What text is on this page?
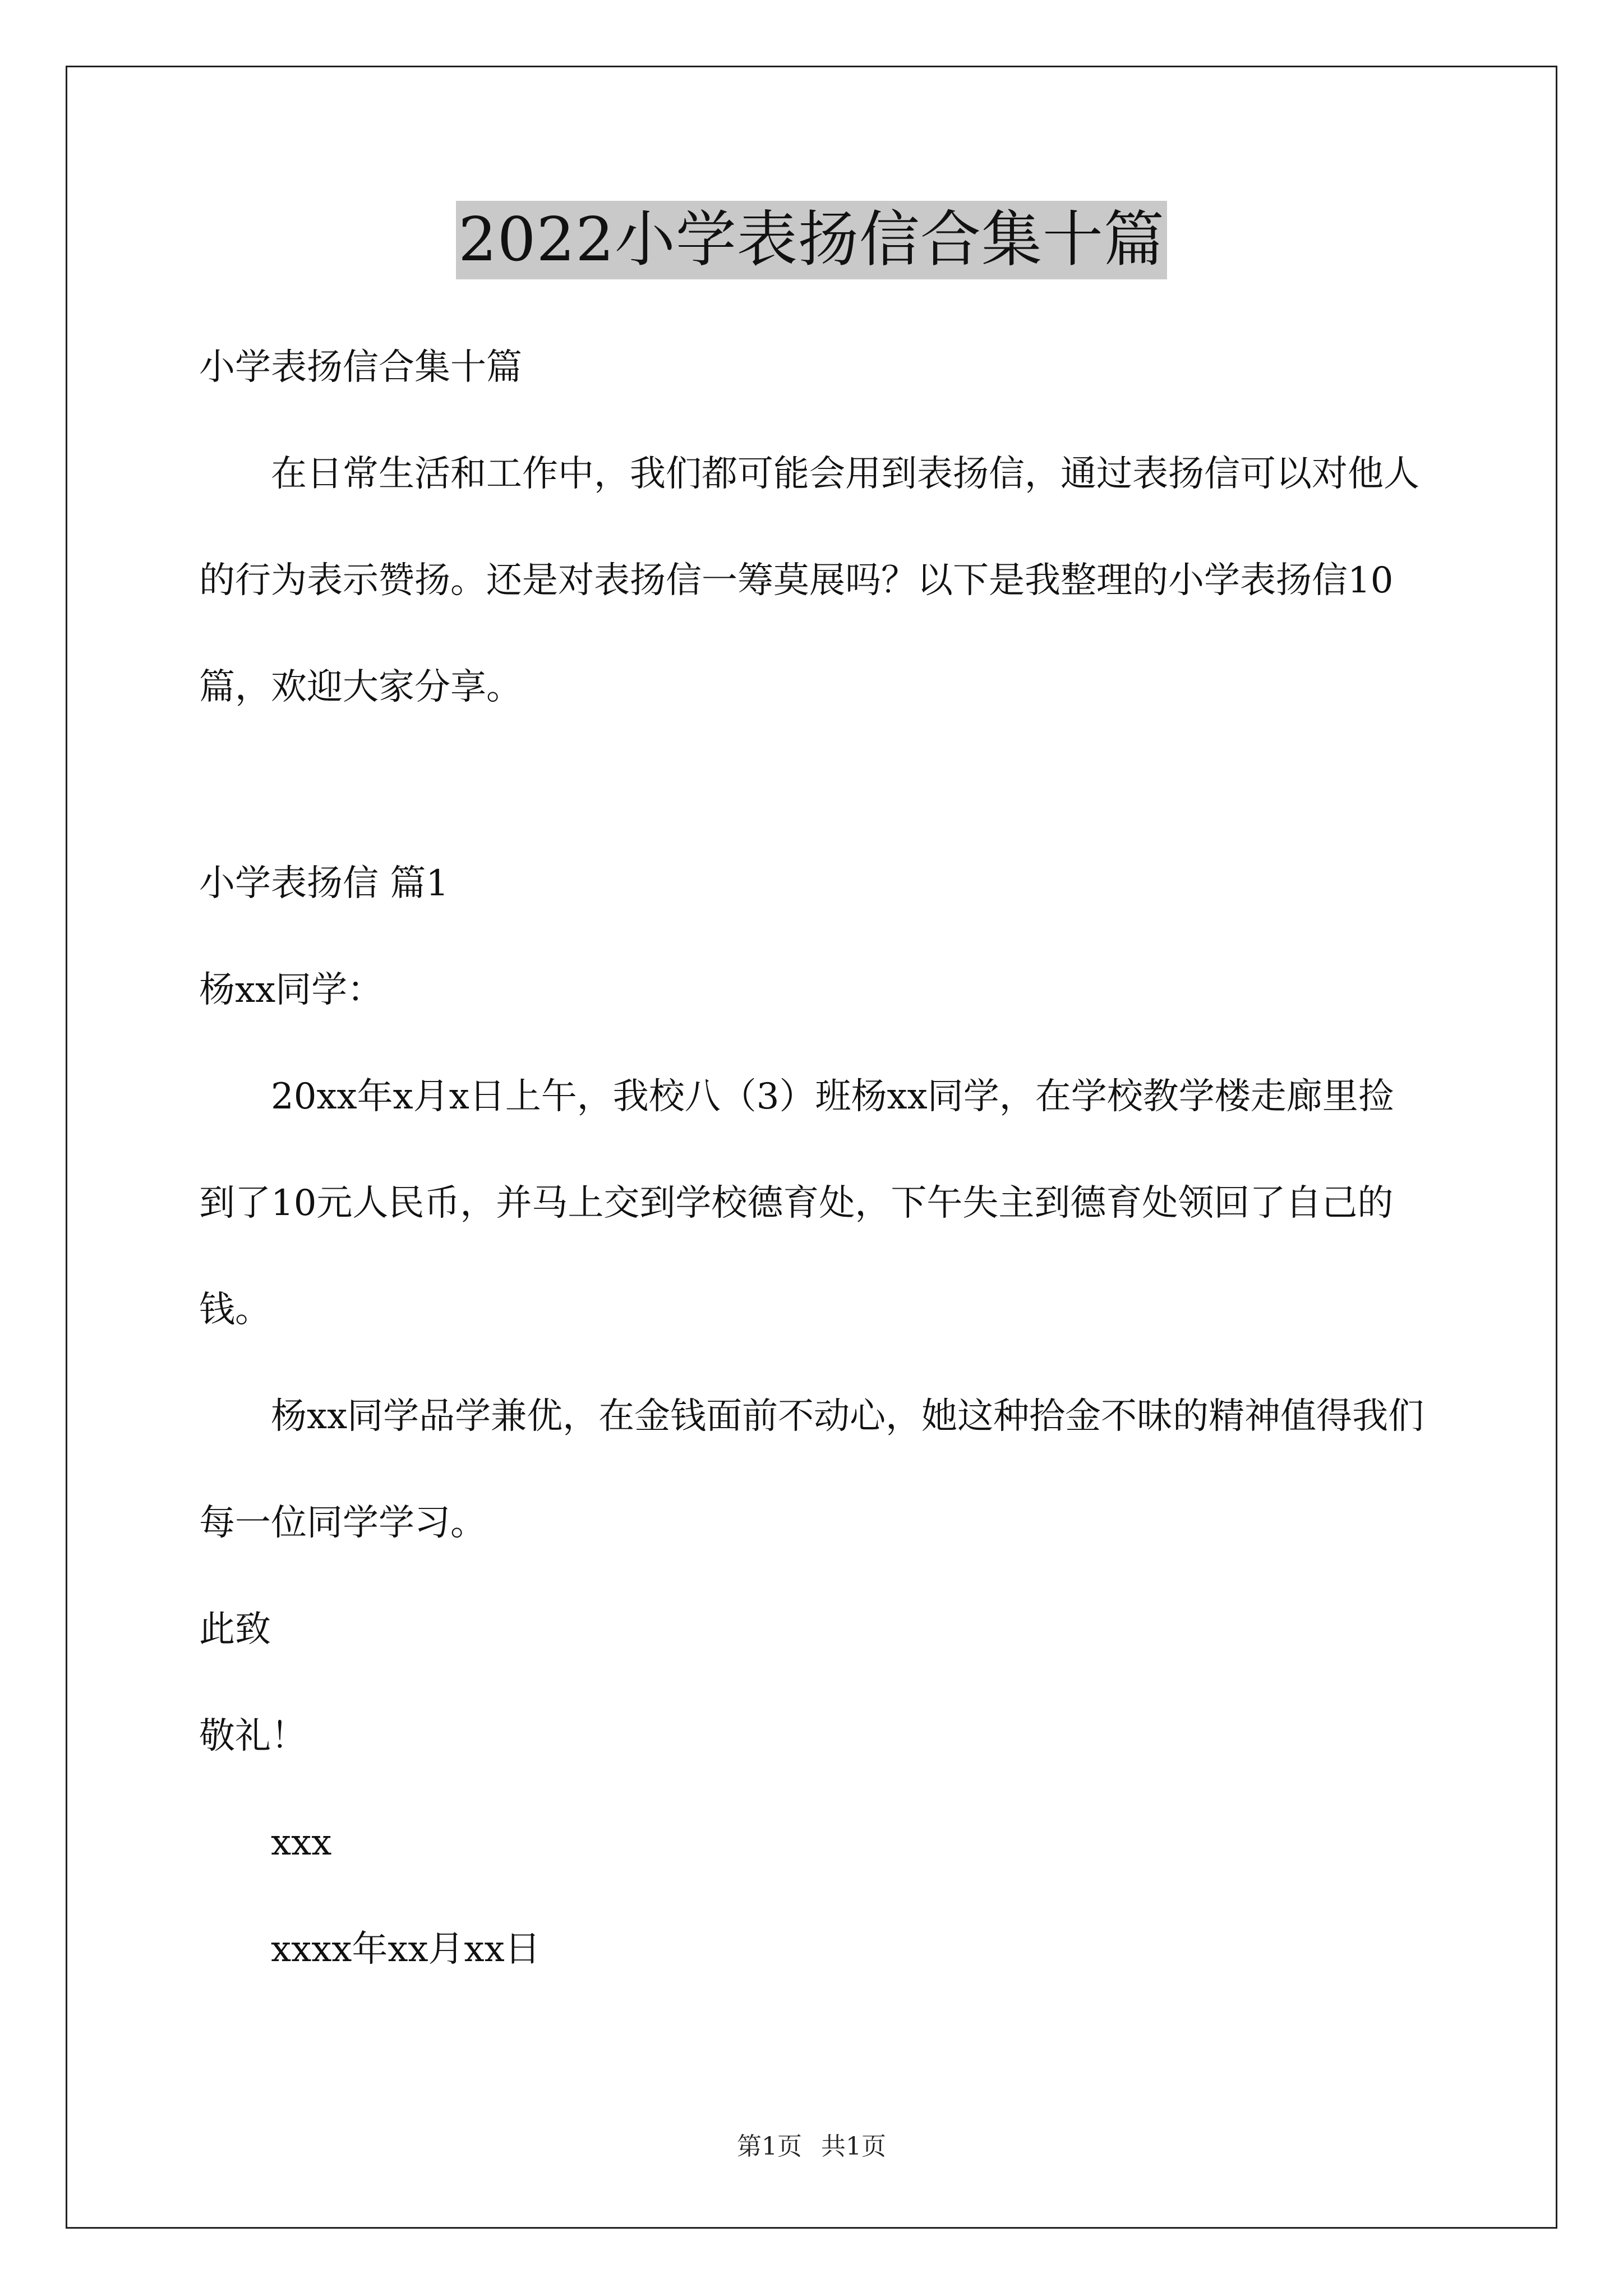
2022小学表扬信合集十篇

小学表扬信合集十篇

在日常生活和工作中，我们都可能会用到表扬信，通过表扬信可以对他人的行为表示赞扬。还是对表扬信一筹莫展吗？以下是我整理的小学表扬信10篇，欢迎大家分享。

小学表扬信 篇1

杨xx同学：

20xx年x月x日上午，我校八（3）班杨xx同学，在学校教学楼走廊里捡到了10元人民币，并马上交到学校德育处，下午失主到德育处领回了自己的钱。

杨xx同学品学兼优，在金钱面前不动心，她这种拾金不昧的精神值得我们每一位同学学习。

此致

敬礼！

xxx

xxxx年xx月xx日

第1页 共1页
